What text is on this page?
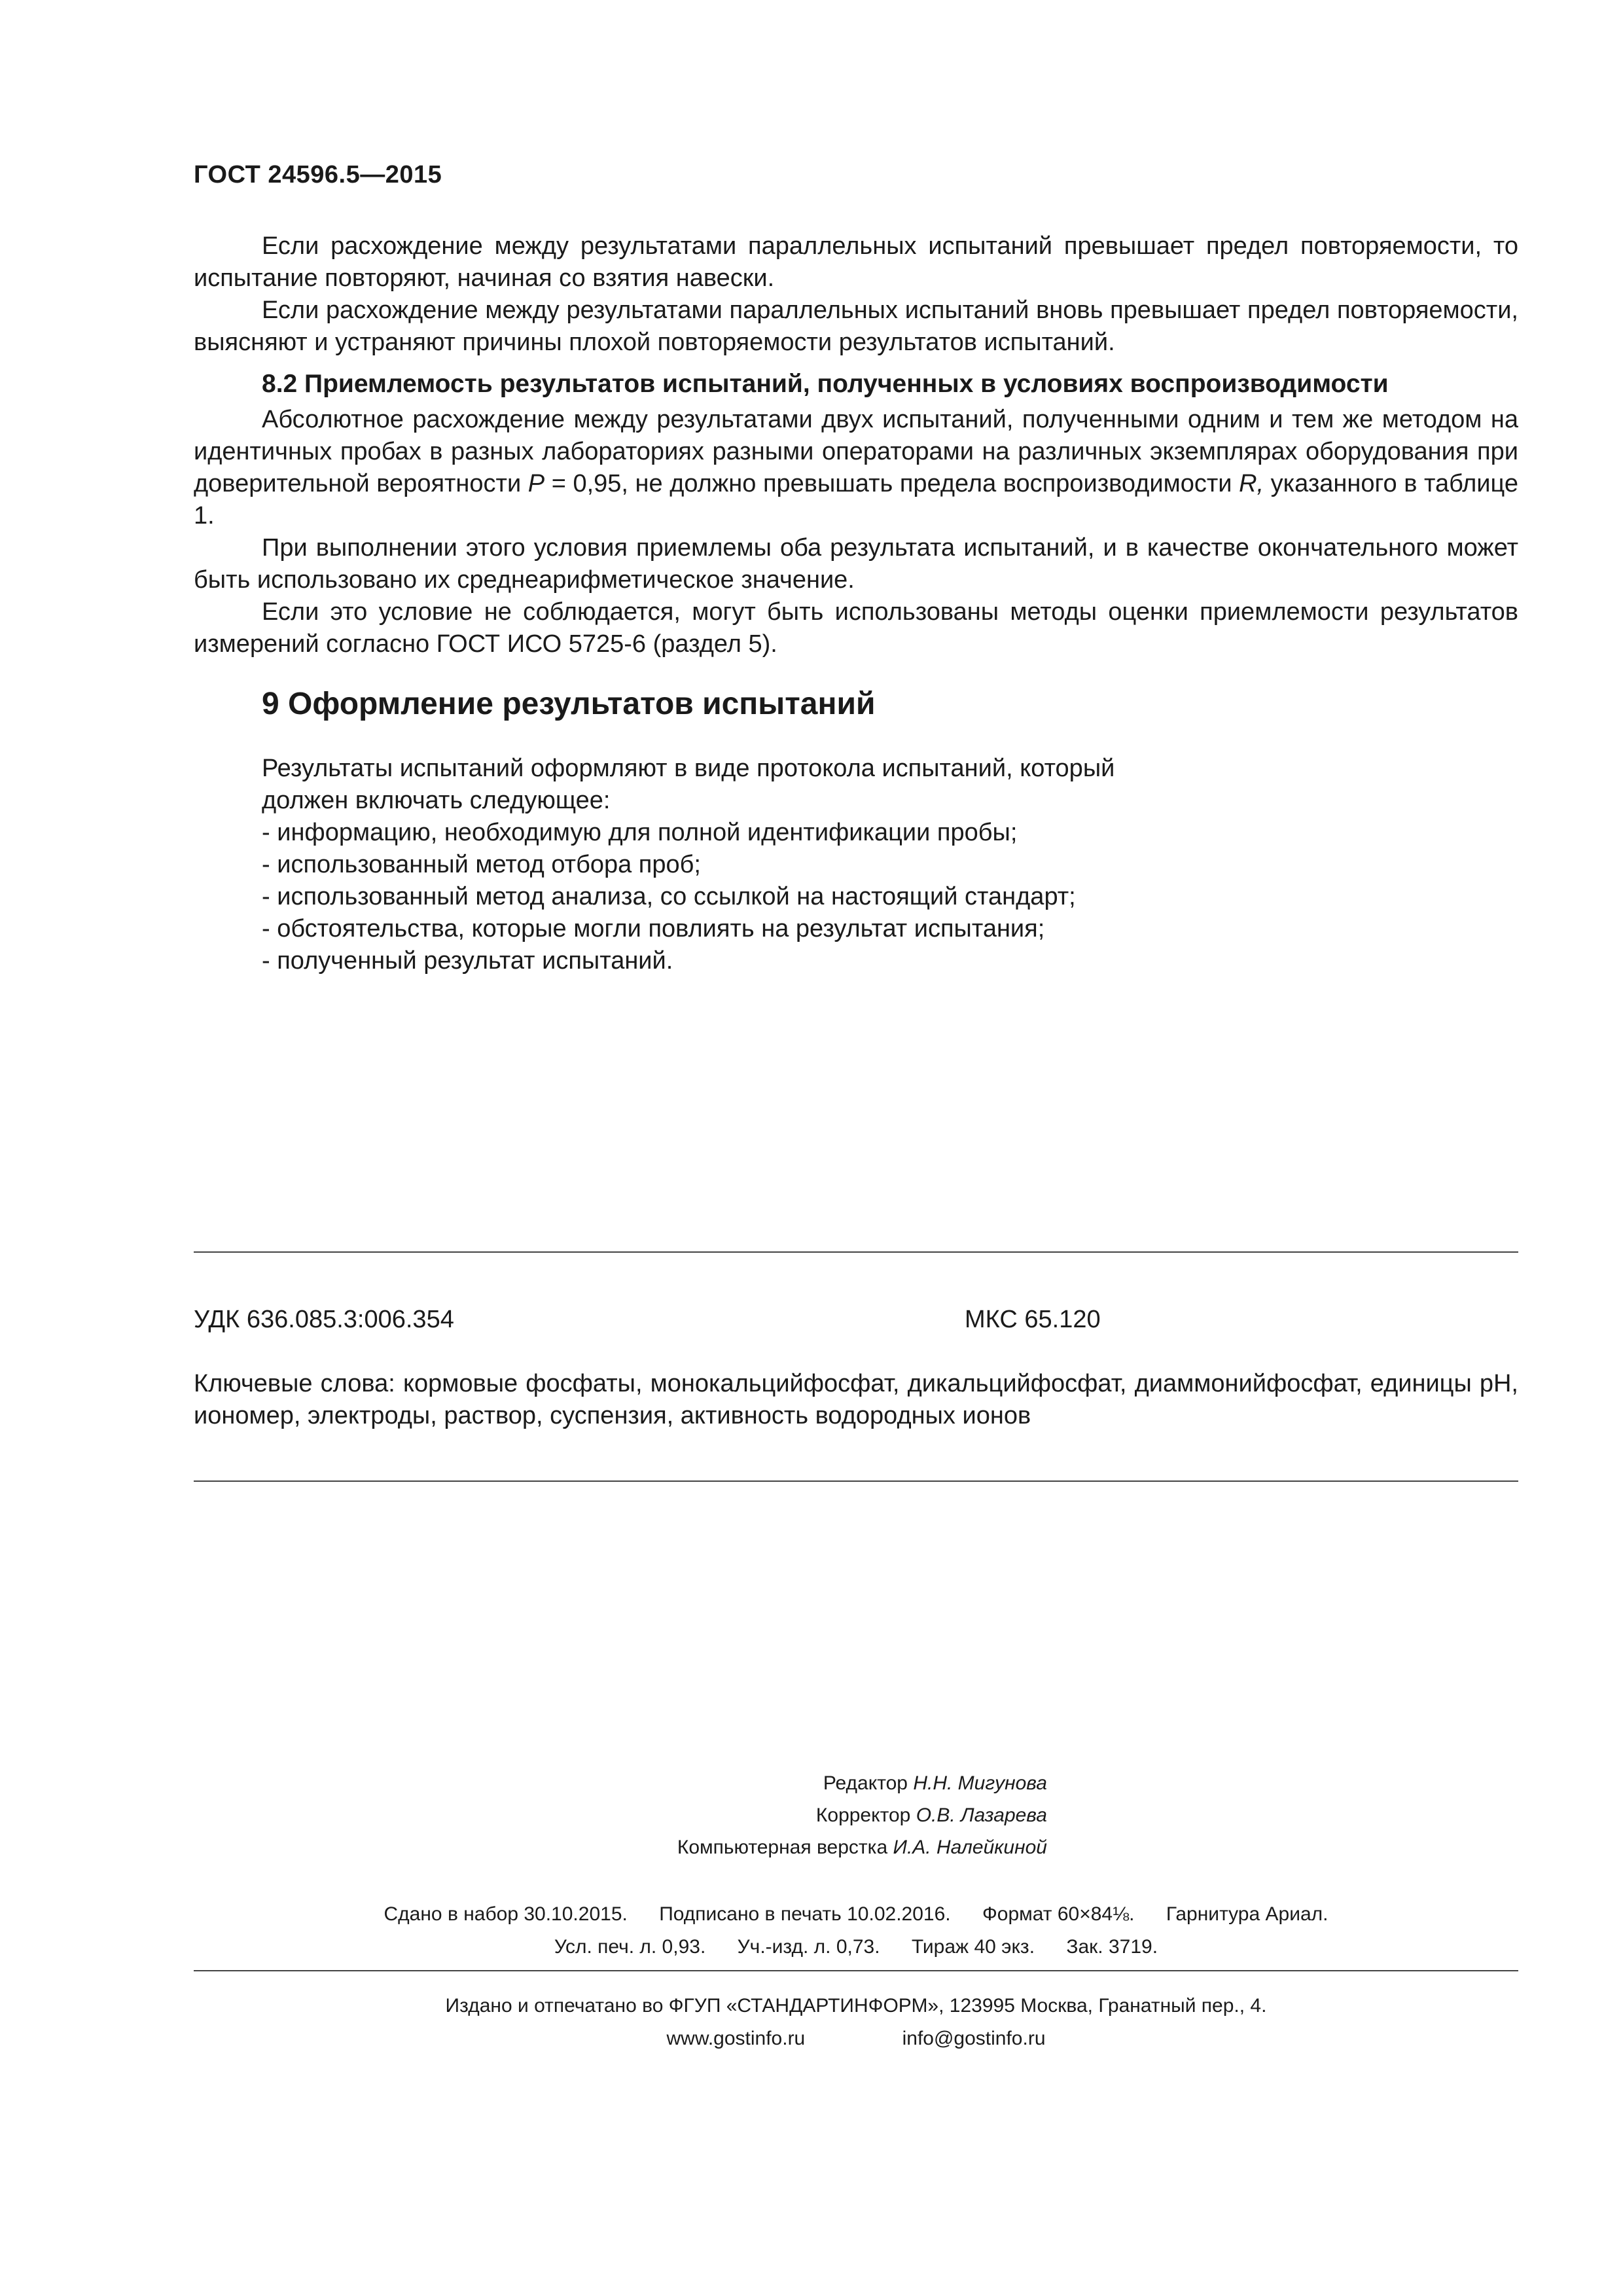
ГОСТ 24596.5—2015

Если расхождение между результатами параллельных испытаний превышает предел повторяемости, то испытание повторяют, начиная со взятия навески.

Если расхождение между результатами параллельных испытаний вновь превышает предел повторяемости, выясняют и устраняют причины плохой повторяемости результатов испытаний.

8.2 Приемлемость результатов испытаний, полученных в условиях воспроизводимости

Абсолютное расхождение между результатами двух испытаний, полученными одним и тем же методом на идентичных пробах в разных лабораториях разными операторами на различных экземплярах оборудования при доверительной вероятности P = 0,95, не должно превышать предела воспроизводимости R, указанного в таблице 1.

При выполнении этого условия приемлемы оба результата испытаний, и в качестве окончательного может быть использовано их среднеарифметическое значение.

Если это условие не соблюдается, могут быть использованы методы оценки приемлемости результатов измерений согласно ГОСТ ИСО 5725-6 (раздел 5).

9 Оформление результатов испытаний
Результаты испытаний оформляют в виде протокола испытаний, который
должен включать следующее:
- информацию, необходимую для полной идентификации пробы;
- использованный метод отбора проб;
- использованный метод анализа, со ссылкой на настоящий стандарт;
- обстоятельства, которые могли повлиять на результат испытания;
- полученный результат испытаний.
УДК 636.085.3:006.354	МКС 65.120
Ключевые слова: кормовые фосфаты, монокальцийфосфат, дикальцийфосфат, диаммонийфосфат, единицы pH, иономер, электроды, раствор, суспензия, активность водородных ионов
Редактор Н.Н. Мигунова
Корректор О.В. Лазарева
Компьютерная верстка И.А. Налейкиной
Сдано в набор 30.10.2015. Подписано в печать 10.02.2016. Формат 60×84⅛. Гарнитура Ариал.
Усл. печ. л. 0,93. Уч.-изд. л. 0,73. Тираж 40 экз. Зак. 3719.
Издано и отпечатано во ФГУП «СТАНДАРТИНФОРМ», 123995 Москва, Гранатный пер., 4.
www.gostinfo.ru	info@gostinfo.ru
